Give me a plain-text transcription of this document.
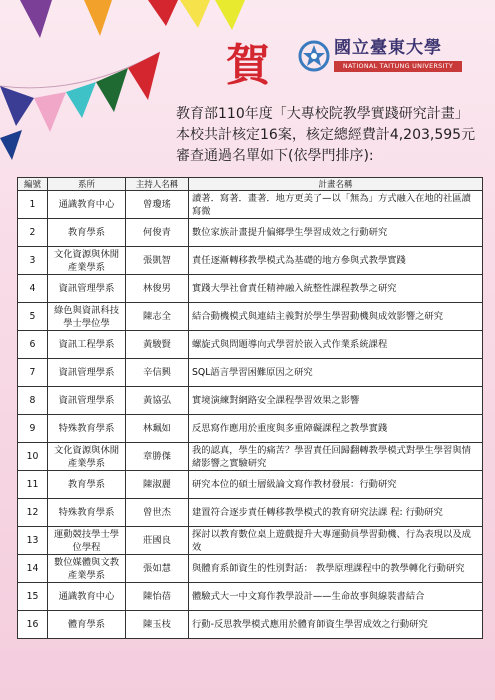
賀	國立臺東大學
NATIONAL TAITUNG UNIVERSITY
教育部110年度「大專校院教學實踐研究計畫」
本校共計核定16案，核定總經費計4,203,595元
審查通過名單如下(依學門排序):
編號	系所	主持人名稱	計畫名稱
1	通識教育中心	曾瓊瑤	讀著．寫著．畫著．地方更美了—以「無為」方式融入在地的社區讀寫微
2	教育學系	何俊青	數位家族計畫提升偏鄉學生學習成效之行動研究
3	文化資源與休閒產業學系	張凱智	責任逐漸轉移教學模式為基礎的地方參與式教學實踐
4	資訊管理學系	林俊男	實踐大學社會責任精神融入統整性課程教學之研究
5	綠色與資訊科技學士學位學	陳志全	結合動機模式與連結主義對於學生學習動機與成效影響之研究
6	資訊工程學系	黃駿賢	螺旋式與問題導向式學習於嵌入式作業系統課程
7	資訊管理學系	辛信興	SQL語言學習困難原因之研究
8	資訊管理學系	黃協弘	實境演練對網路安全課程學習效果之影響
9	特殊教育學系	林珮如	反思寫作應用於重度與多重障礙課程之教學實踐
10	文化資源與休閒產業學系	章勝傑	我的認真，學生的痛苦？學習責任回歸翻轉教學模式對學生學習與情緒影響之實驗研究
11	教育學系	陳淑麗	研究本位的碩士層級論文寫作教材發展：行動研究
12	特殊教育學系	曾世杰	建置符合逐步責任轉移教學模式的教育研究法課 程: 行動研究
13	運動競技學士學位學程	莊國良	探討以教育數位桌上遊戲提升大專運動員學習動機、行為表現以及成效
14	數位媒體與文教產業學系	張如慧	與體育系師資生的性別對話： 教學原理課程中的教學轉化行動研究
15	通識教育中心	陳怡蓓	體驗式大一中文寫作教學設計——生命故事與線裝書結合
16	體育學系	陳玉枝	行動-反思教學模式應用於體育師資生學習成效之行動研究
